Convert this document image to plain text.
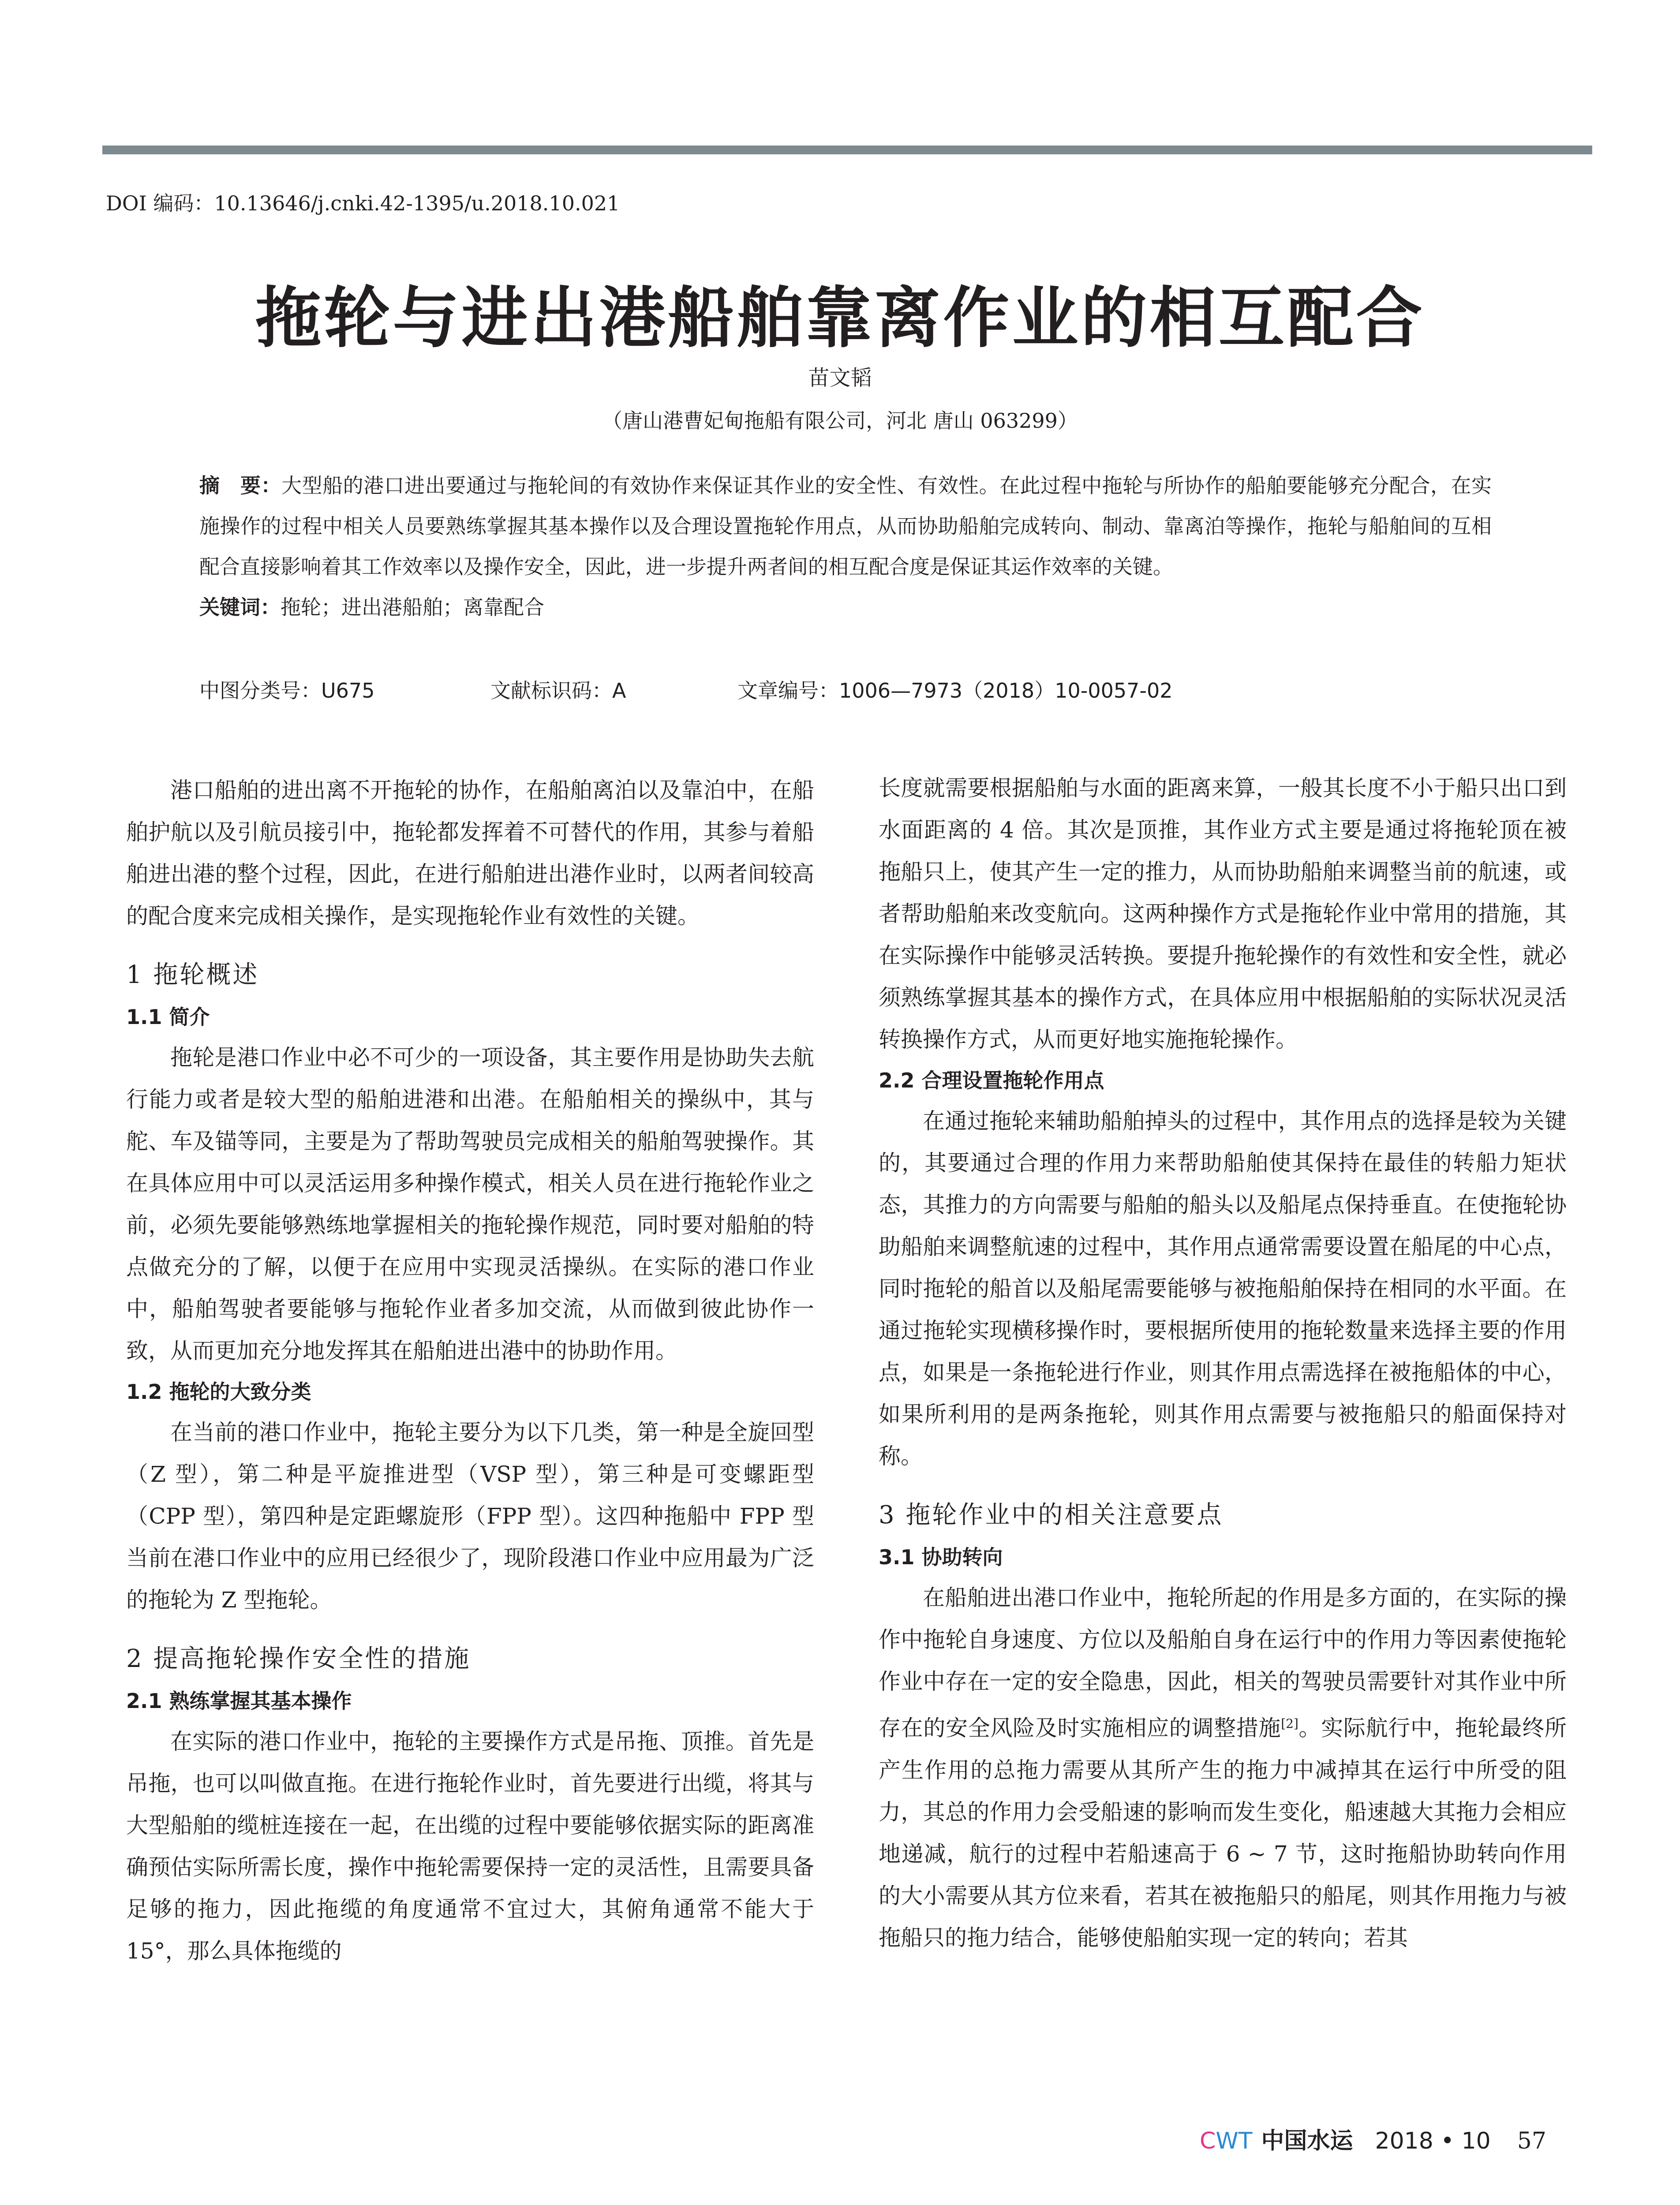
DOI 编码：10.13646/j.cnki.42-1395/u.2018.10.021
拖轮与进出港船舶靠离作业的相互配合
苗文韬
（唐山港曹妃甸拖船有限公司，河北 唐山 063299）

摘　要：大型船的港口进出要通过与拖轮间的有效协作来保证其作业的安全性、有效性。在此过程中拖轮与所协作的船舶要能够充分配合，在实施操作的过程中相关人员要熟练掌握其基本操作以及合理设置拖轮作用点，从而协助船舶完成转向、制动、靠离泊等操作，拖轮与船舶间的互相配合直接影响着其工作效率以及操作安全，因此，进一步提升两者间的相互配合度是保证其运作效率的关键。

关键词：拖轮；进出港船舶；离靠配合

中图分类号：U675	文献标识码：A	文章编号：1006—7973（2018）10-0057-02

港口船舶的进出离不开拖轮的协作，在船舶离泊以及靠泊中，在船舶护航以及引航员接引中，拖轮都发挥着不可替代的作用，其参与着船舶进出港的整个过程，因此，在进行船舶进出港作业时，以两者间较高的配合度来完成相关操作，是实现拖轮作业有效性的关键。

1 拖轮概述
1.1 简介

拖轮是港口作业中必不可少的一项设备，其主要作用是协助失去航行能力或者是较大型的船舶进港和出港。在船舶相关的操纵中，其与舵、车及锚等同，主要是为了帮助驾驶员完成相关的船舶驾驶操作。其在具体应用中可以灵活运用多种操作模式，相关人员在进行拖轮作业之前，必须先要能够熟练地掌握相关的拖轮操作规范，同时要对船舶的特点做充分的了解，以便于在应用中实现灵活操纵。在实际的港口作业中，船舶驾驶者要能够与拖轮作业者多加交流，从而做到彼此协作一致，从而更加充分地发挥其在船舶进出港中的协助作用。

1.2 拖轮的大致分类

在当前的港口作业中，拖轮主要分为以下几类，第一种是全旋回型（Z 型），第二种是平旋推进型（VSP 型），第三种是可变螺距型（CPP 型），第四种是定距螺旋形（FPP 型）。这四种拖船中 FPP 型当前在港口作业中的应用已经很少了，现阶段港口作业中应用最为广泛的拖轮为 Z 型拖轮。

2 提高拖轮操作安全性的措施
2.1 熟练掌握其基本操作

在实际的港口作业中，拖轮的主要操作方式是吊拖、顶推。首先是吊拖，也可以叫做直拖。在进行拖轮作业时，首先要进行出缆，将其与大型船舶的缆桩连接在一起，在出缆的过程中要能够依据实际的距离准确预估实际所需长度，操作中拖轮需要保持一定的灵活性，且需要具备足够的拖力，因此拖缆的角度通常不宜过大，其俯角通常不能大于 15°，那么具体拖缆的

长度就需要根据船舶与水面的距离来算，一般其长度不小于船只出口到水面距离的 4 倍。其次是顶推，其作业方式主要是通过将拖轮顶在被拖船只上，使其产生一定的推力，从而协助船舶来调整当前的航速，或者帮助船舶来改变航向。这两种操作方式是拖轮作业中常用的措施，其在实际操作中能够灵活转换。要提升拖轮操作的有效性和安全性，就必须熟练掌握其基本的操作方式，在具体应用中根据船舶的实际状况灵活转换操作方式，从而更好地实施拖轮操作。

2.2 合理设置拖轮作用点

在通过拖轮来辅助船舶掉头的过程中，其作用点的选择是较为关键的，其要通过合理的作用力来帮助船舶使其保持在最佳的转船力矩状态，其推力的方向需要与船舶的船头以及船尾点保持垂直。在使拖轮协助船舶来调整航速的过程中，其作用点通常需要设置在船尾的中心点，同时拖轮的船首以及船尾需要能够与被拖船舶保持在相同的水平面。在通过拖轮实现横移操作时，要根据所使用的拖轮数量来选择主要的作用点，如果是一条拖轮进行作业，则其作用点需选择在被拖船体的中心，如果所利用的是两条拖轮，则其作用点需要与被拖船只的船面保持对称。

3 拖轮作业中的相关注意要点
3.1 协助转向

在船舶进出港口作业中，拖轮所起的作用是多方面的，在实际的操作中拖轮自身速度、方位以及船舶自身在运行中的作用力等因素使拖轮作业中存在一定的安全隐患，因此，相关的驾驶员需要针对其作业中所存在的安全风险及时实施相应的调整措施[2]。实际航行中，拖轮最终所产生作用的总拖力需要从其所产生的拖力中减掉其在运行中所受的阻力，其总的作用力会受船速的影响而发生变化，船速越大其拖力会相应地递减，航行的过程中若船速高于 6 ~ 7 节，这时拖船协助转向作用的大小需要从其方位来看，若其在被拖船只的船尾，则其作用拖力与被拖船只的拖力结合，能够使船舶实现一定的转向；若其

CWT 中国水运 2018 • 10 57
